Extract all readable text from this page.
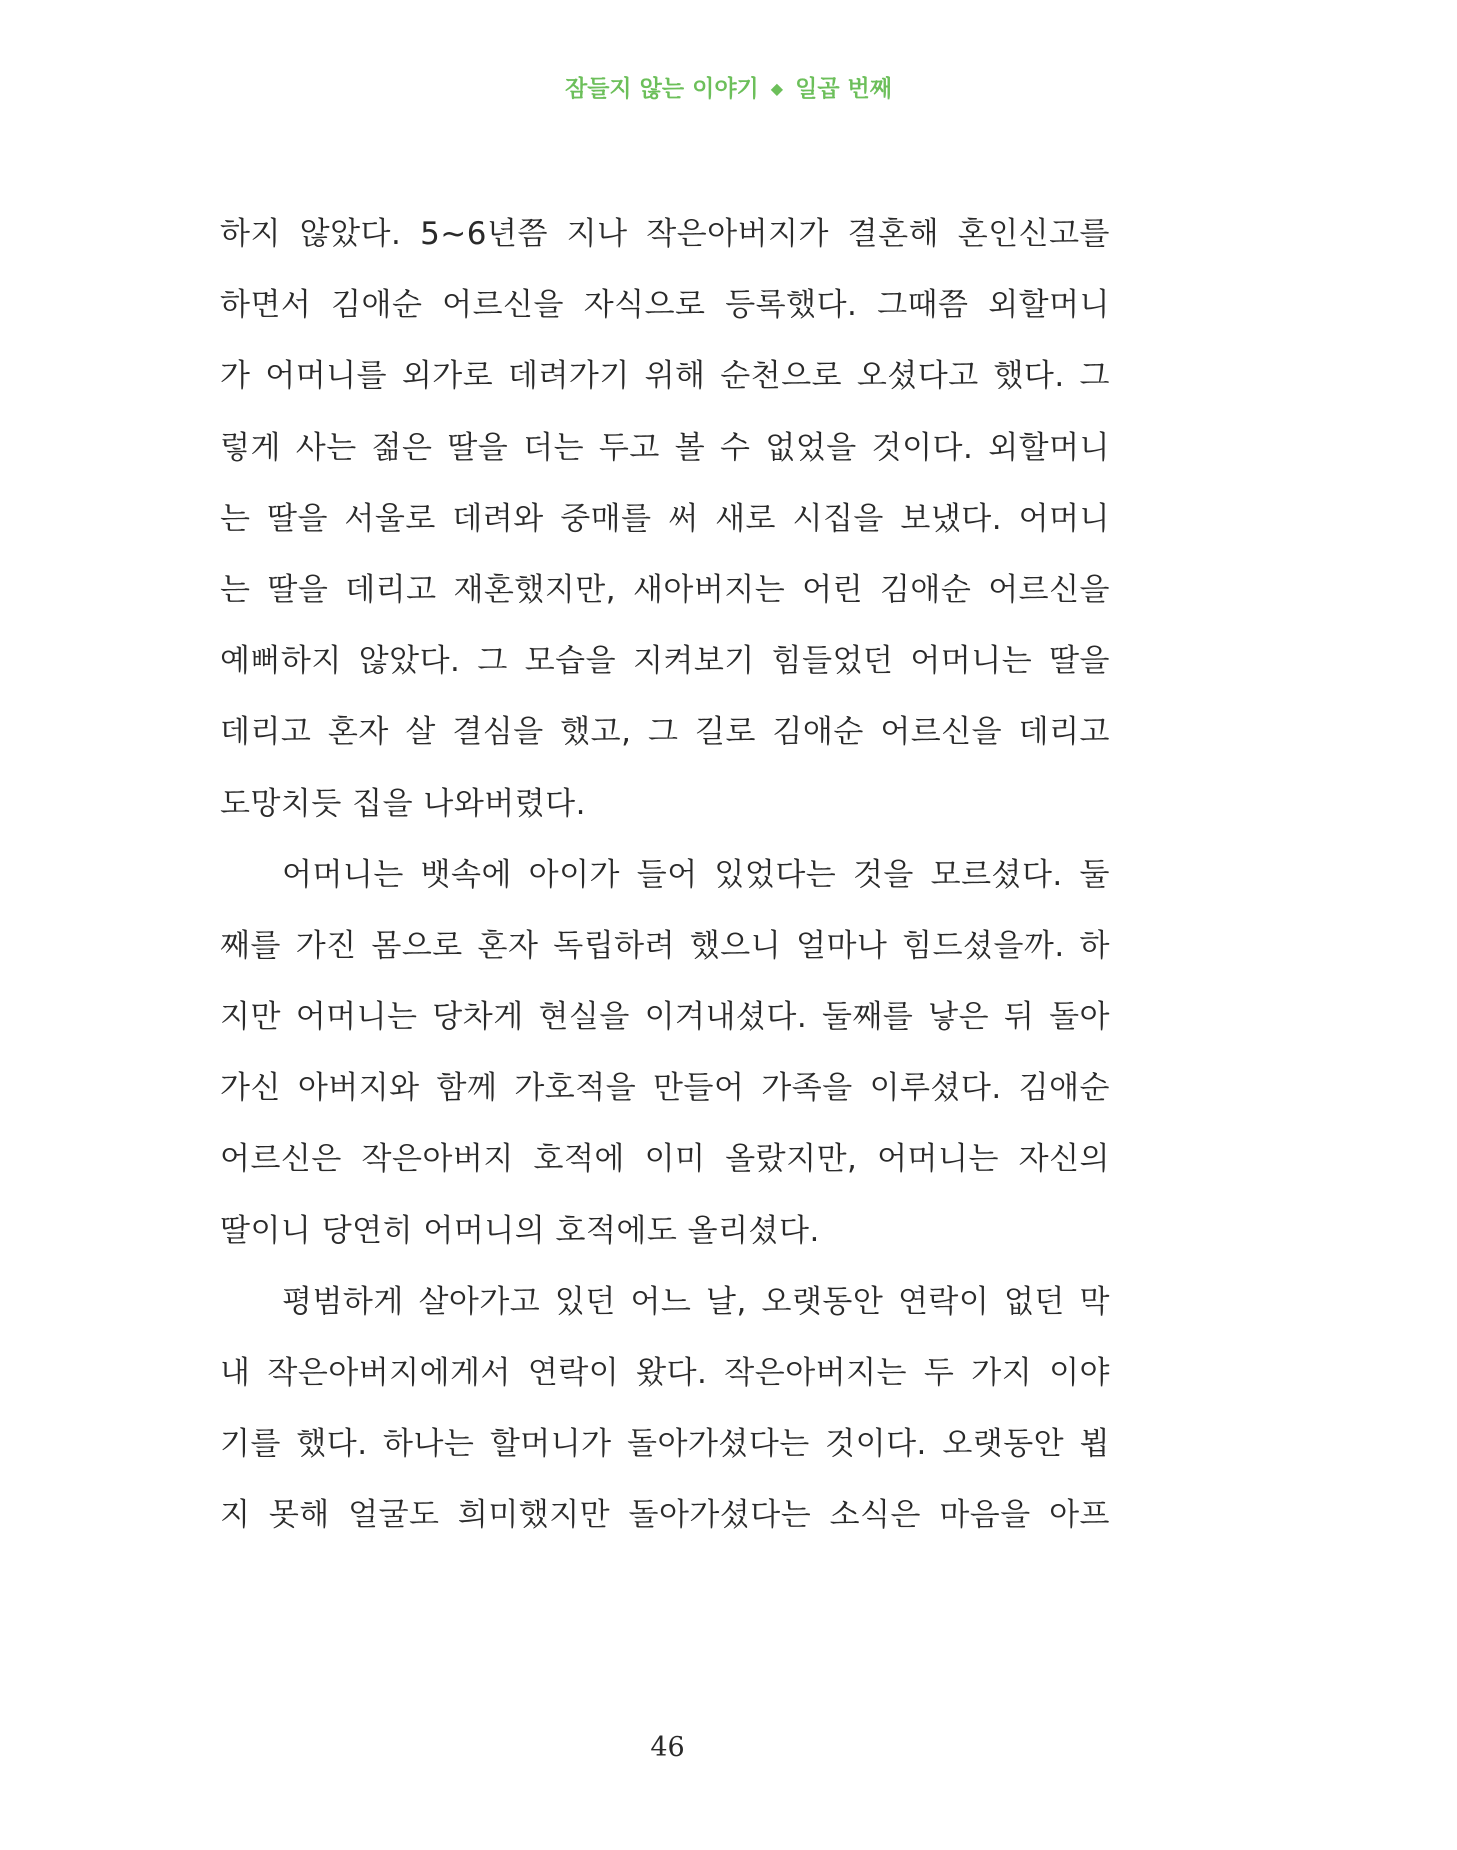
잠들지 않는 이야기 ◆ 일곱 번째
하지 않았다. 5~6년쯤 지나 작은아버지가 결혼해 혼인신고를
하면서 김애순 어르신을 자식으로 등록했다. 그때쯤 외할머니
가 어머니를 외가로 데려가기 위해 순천으로 오셨다고 했다. 그
렇게 사는 젊은 딸을 더는 두고 볼 수 없었을 것이다. 외할머니
는 딸을 서울로 데려와 중매를 써 새로 시집을 보냈다. 어머니
는 딸을 데리고 재혼했지만, 새아버지는 어린 김애순 어르신을
예뻐하지 않았다. 그 모습을 지켜보기 힘들었던 어머니는 딸을
데리고 혼자 살 결심을 했고, 그 길로 김애순 어르신을 데리고
도망치듯 집을 나와버렸다.
어머니는 뱃속에 아이가 들어 있었다는 것을 모르셨다. 둘
째를 가진 몸으로 혼자 독립하려 했으니 얼마나 힘드셨을까. 하
지만 어머니는 당차게 현실을 이겨내셨다. 둘째를 낳은 뒤 돌아
가신 아버지와 함께 가호적을 만들어 가족을 이루셨다. 김애순
어르신은 작은아버지 호적에 이미 올랐지만, 어머니는 자신의
딸이니 당연히 어머니의 호적에도 올리셨다.
평범하게 살아가고 있던 어느 날, 오랫동안 연락이 없던 막
내 작은아버지에게서 연락이 왔다. 작은아버지는 두 가지 이야
기를 했다. 하나는 할머니가 돌아가셨다는 것이다. 오랫동안 뵙
지 못해 얼굴도 희미했지만 돌아가셨다는 소식은 마음을 아프
46
